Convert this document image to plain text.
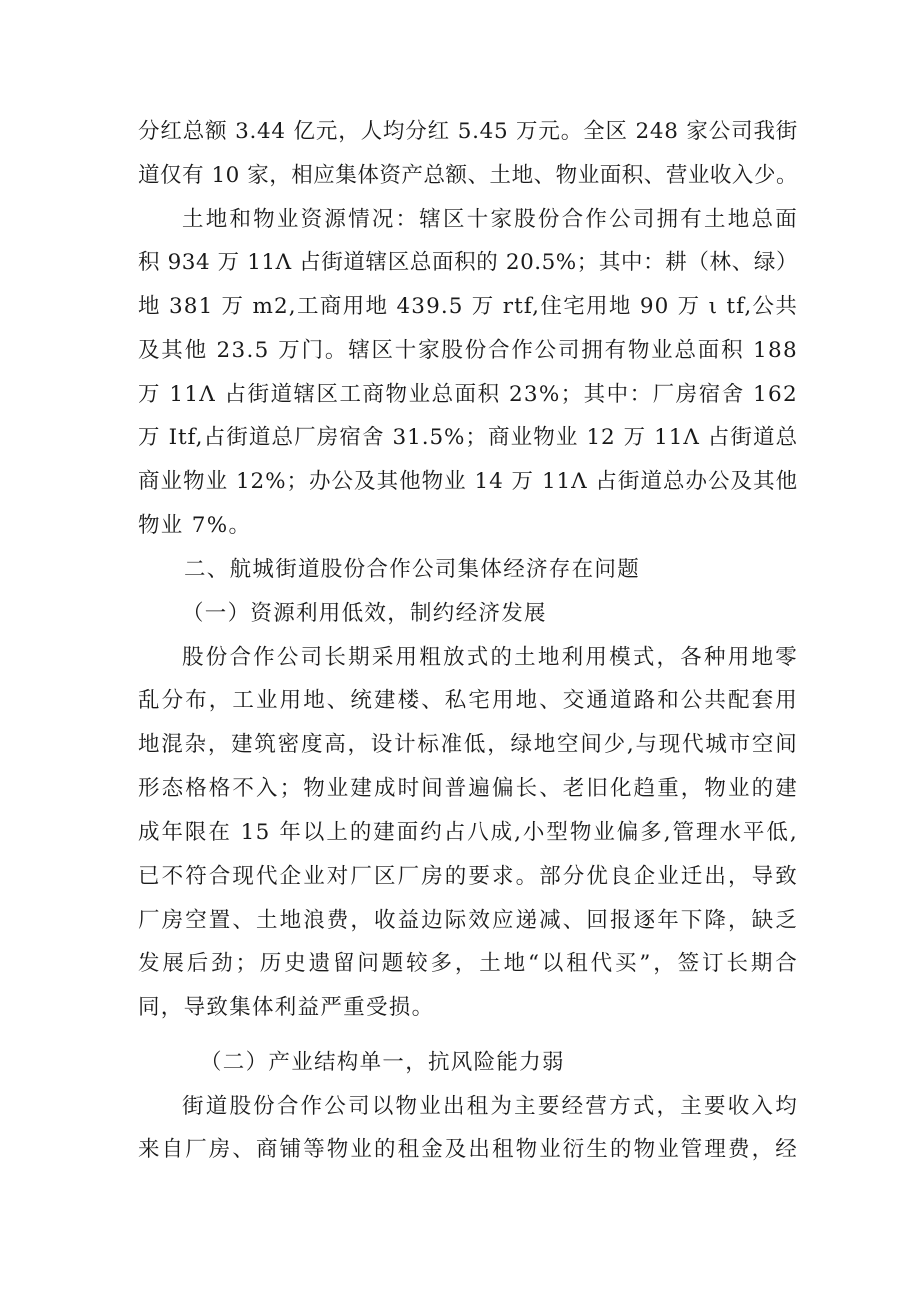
分红总额 3.44 亿元，人均分红 5.45 万元。全区 248 家公司我街
道仅有 10 家，相应集体资产总额、土地、物业面积、营业收入少。
土地和物业资源情况：辖区十家股份合作公司拥有土地总面
积 934 万 11Λ 占街道辖区总面积的 20.5%；其中：耕（林、绿）
地 381 万 m2,工商用地 439.5 万 rtf,住宅用地 90 万 ι tf,公共
及其他 23.5 万门。辖区十家股份合作公司拥有物业总面积 188
万 11Λ 占街道辖区工商物业总面积 23%；其中：厂房宿舍 162
万 Itf,占街道总厂房宿舍 31.5%；商业物业 12 万 11Λ 占街道总
商业物业 12%；办公及其他物业 14 万 11Λ 占街道总办公及其他
物业 7%。
二、航城街道股份合作公司集体经济存在问题
（一）资源利用低效，制约经济发展
股份合作公司长期采用粗放式的土地利用模式，各种用地零
乱分布，工业用地、统建楼、私宅用地、交通道路和公共配套用
地混杂，建筑密度高，设计标准低，绿地空间少,与现代城市空间
形态格格不入；物业建成时间普遍偏长、老旧化趋重，物业的建
成年限在 15 年以上的建面约占八成,小型物业偏多,管理水平低,
已不符合现代企业对厂区厂房的要求。部分优良企业迁出，导致
厂房空置、土地浪费，收益边际效应递减、回报逐年下降，缺乏
发展后劲；历史遗留问题较多，土地“以租代买”，签订长期合
同，导致集体利益严重受损。
（二）产业结构单一，抗风险能力弱
街道股份合作公司以物业出租为主要经营方式，主要收入均
来自厂房、商铺等物业的租金及出租物业衍生的物业管理费，经
